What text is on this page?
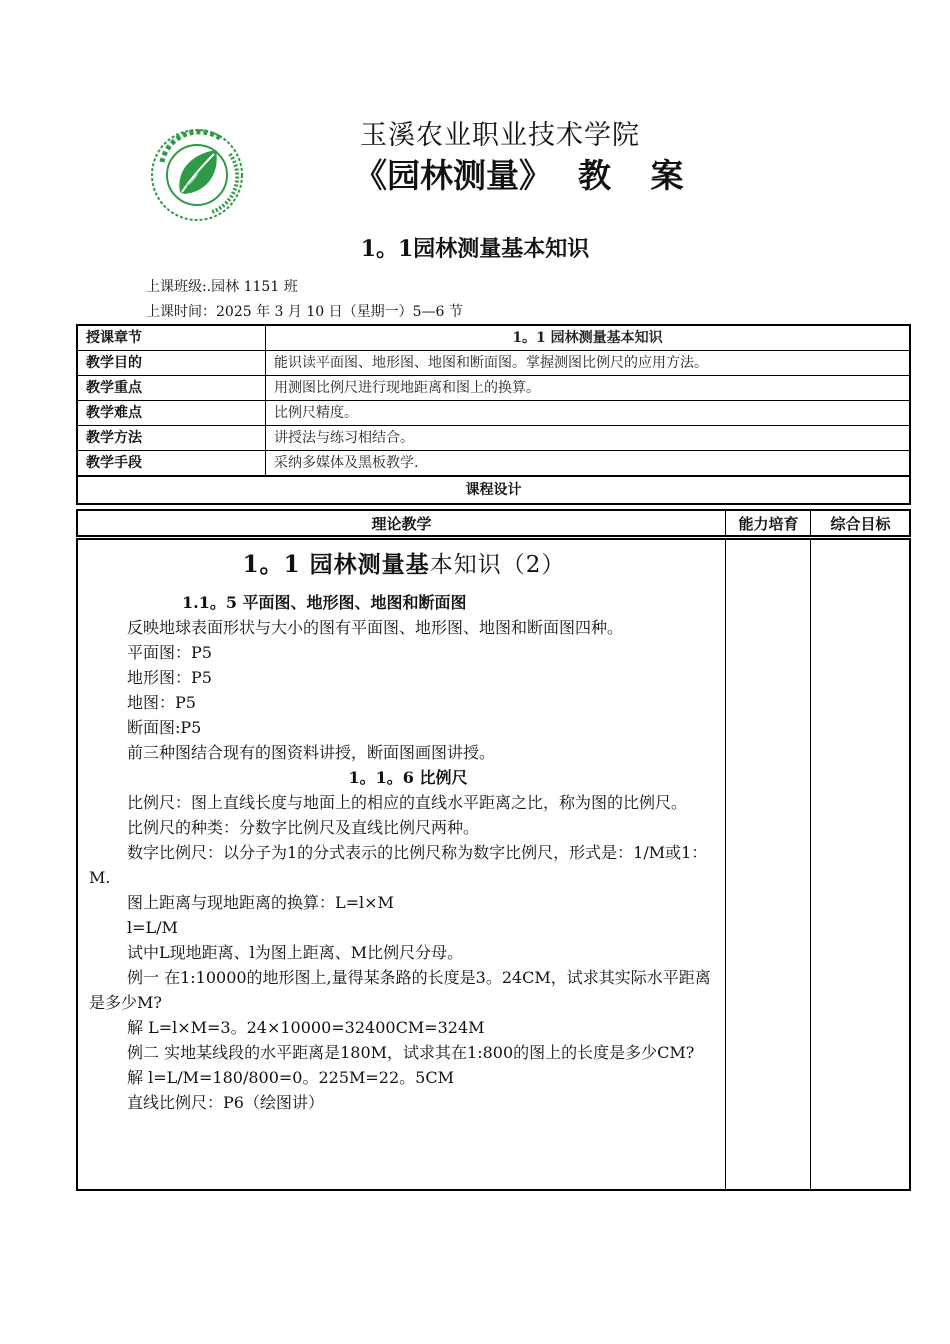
玉溪农业职业技术学院
《园林测量》 教 案
1。1园林测量基本知识
上课班级:.园林 1151 班
上课时间：2025 年 3 月 10 日（星期一）5—6 节
授课章节	1。1 园林测量基本知识
教学目的	能识读平面图、地形图、地图和断面图。掌握测图比例尺的应用方法。
教学重点	用测图比例尺进行现地距离和图上的换算。
教学难点	比例尺精度。
教学方法	讲授法与练习相结合。
教学手段	采纳多媒体及黑板教学.
课程设计	
理论教学	能力培育	综合目标
1。1 园林测量基本知识（2）
1.1。5 平面图、地形图、地图和断面图

反映地球表面形状与大小的图有平面图、地形图、地图和断面图四种。

平面图：P5

地形图：P5

地图：P5

断面图:P5

前三种图结合现有的图资料讲授，断面图画图讲授。

1。1。6 比例尺

比例尺：图上直线长度与地面上的相应的直线水平距离之比，称为图的比例尺。

比例尺的种类：分数字比例尺及直线比例尺两种。

数字比例尺：以分子为1的分式表示的比例尺称为数字比例尺，形式是：1/M或1：M.

图上距离与现地距离的换算：L=l×M

l=L/M

试中L现地距离、l为图上距离、M比例尺分母。

例一 在1:10000的地形图上,量得某条路的长度是3。24CM，试求其实际水平距离是多少M?

解 L=l×M=3。24×10000=32400CM=324M

例二 实地某线段的水平距离是180M，试求其在1:800的图上的长度是多少CM?

解 l=L/M=180/800=0。225M=22。5CM

直线比例尺：P6（绘图讲）
